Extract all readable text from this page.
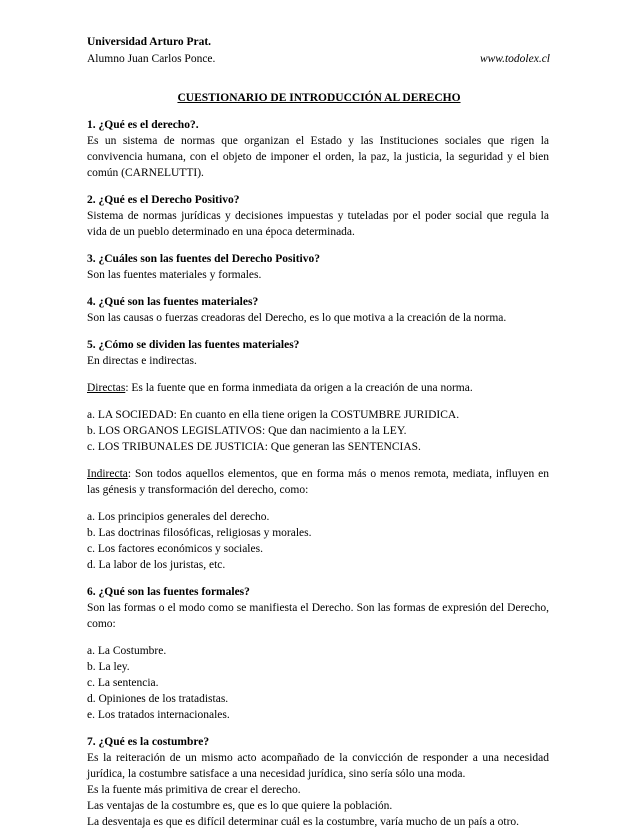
Universidad Arturo Prat.
Alumno Juan Carlos Ponce.	www.todolex.cl
CUESTIONARIO DE INTRODUCCIÓN AL DERECHO

1. ¿Qué es el derecho?.

Es un sistema de normas que organizan el Estado y las Instituciones sociales que rigen la convivencia humana, con el objeto de imponer el orden, la paz, la justicia, la seguridad y el bien común (CARNELUTTI).

2. ¿Qué es el Derecho Positivo?

Sistema de normas jurídicas y decisiones impuestas y tuteladas por el poder social que regula la vida de un pueblo determinado en una época determinada.

3. ¿Cuáles son las fuentes del Derecho Positivo?

Son las fuentes materiales y formales.

4. ¿Qué son las fuentes materiales?

Son las causas o fuerzas creadoras del Derecho, es lo que motiva a la creación de la norma.

5. ¿Cómo se dividen las fuentes materiales?

En directas e indirectas.

Directas: Es la fuente que en forma inmediata da origen a la creación de una norma.

a. LA SOCIEDAD: En cuanto en ella tiene origen la COSTUMBRE JURIDICA.

b. LOS ORGANOS LEGISLATIVOS: Que dan nacimiento a la LEY.

c. LOS TRIBUNALES DE JUSTICIA: Que generan las SENTENCIAS.

Indirecta: Son todos aquellos elementos, que en forma más o menos remota, mediata, influyen en las génesis y transformación del derecho, como:

a. Los principios generales del derecho.

b. Las doctrinas filosóficas, religiosas y morales.

c. Los factores económicos y sociales.

d. La labor de los juristas, etc.

6. ¿Qué son las fuentes formales?

Son las formas o el modo como se manifiesta el Derecho. Son las formas de expresión del Derecho, como:

a. La Costumbre.

b. La ley.

c. La sentencia.

d. Opiniones de los tratadistas.

e. Los tratados internacionales.

7. ¿Qué es la costumbre?

Es la reiteración de un mismo acto acompañado de la convicción de responder a una necesidad jurídica, la costumbre satisface a una necesidad jurídica, sino sería sólo una moda.

Es la fuente más primitiva de crear el derecho.

Las ventajas de la costumbre es, que es lo que quiere la población.

La desventaja es que es difícil determinar cuál es la costumbre, varía mucho de un país a otro.
